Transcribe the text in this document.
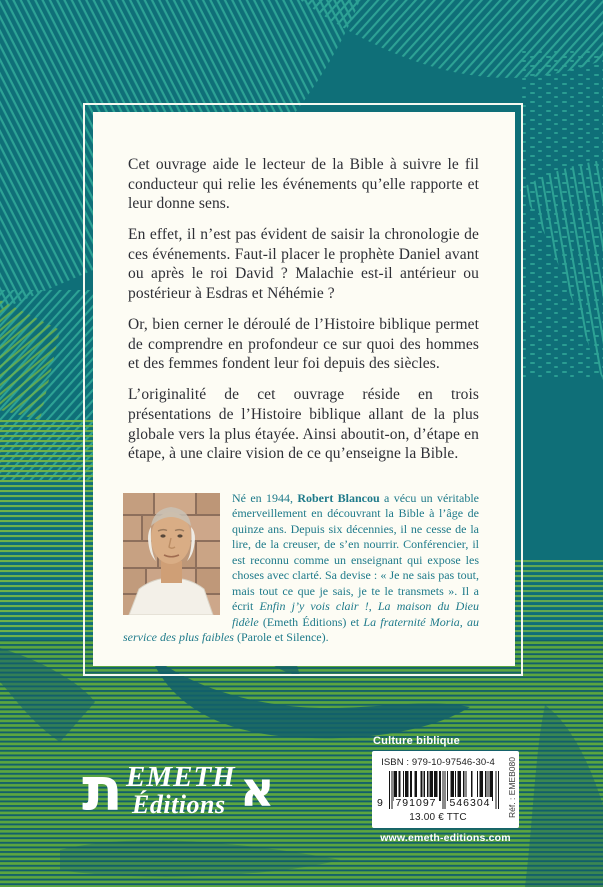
Cet ouvrage aide le lecteur de la Bible à suivre le fil conducteur qui relie les événements qu’elle rapporte et leur donne sens.

En effet, il n’est pas évident de saisir la chronologie de ces événements. Faut-il placer le prophète Daniel avant ou après le roi David ? Malachie est-il antérieur ou postérieur à Esdras et Néhémie ?

Or, bien cerner le déroulé de l’Histoire biblique permet de comprendre en profondeur ce sur quoi des hommes et des femmes fondent leur foi depuis des siècles.

L’originalité de cet ouvrage réside en trois présentations de l’Histoire biblique allant de la plus globale vers la plus étayée. Ainsi aboutit-on, d’étape en étape, à une claire vision de ce qu’enseigne la Bible.

Né en 1944, Robert Blancou a vécu un véritable émerveillement en découvrant la Bible à l’âge de quinze ans. Depuis six décennies, il ne cesse de la lire, de la creuser, de s’en nourrir. Conférencier, il est reconnu comme un enseignant qui expose les choses avec clarté. Sa devise : « Je ne sais pas tout, mais tout ce que je sais, je te le transmets ». Il a écrit Enfin j’y vois clair !, La maison du Dieu fidèle (Emeth Éditions) et La fraternité Moria, au service des plus faibles (Parole et Silence).
ת EMETH
Éditions א
Culture biblique
ISBN : 979-10-97546-30-4
9	791097 546304
13.00 € TTC	Réf. : EMEB080
www.emeth-editions.com
